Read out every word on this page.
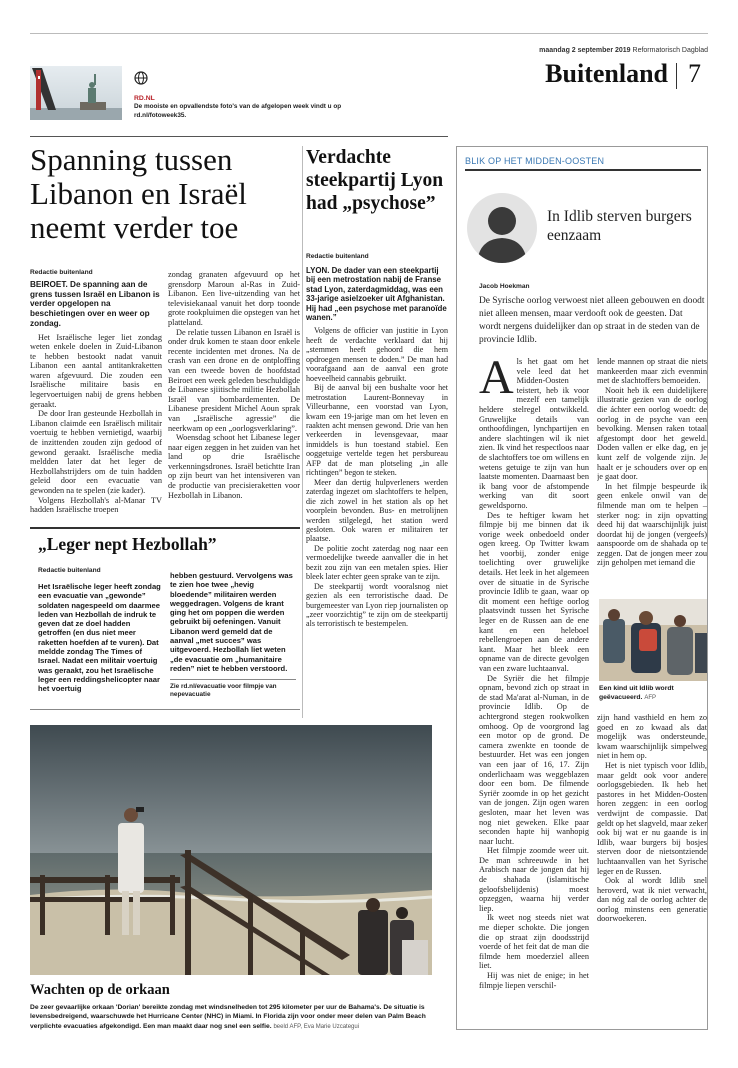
maandag 2 september 2019 Reformatorisch Dagblad
Buitenland 7
RD.NL
De mooiste en opvallendste foto's van de afgelopen week vindt u op rd.nl/fotoweek35.
Spanning tussen Libanon en Israël neemt verder toe
Redactie buitenland
BEIROET. De spanning aan de grens tussen Israël en Libanon is verder opgelopen na beschietingen over en weer op zondag.

Het Israëlische leger liet zondag weten enkele doelen in Zuid-Libanon te hebben bestookt nadat vanuit Libanon een aantal antitankraketten waren afgevuurd. Die zouden een Israëlische militaire basis en legervoertuigen nabij de grens hebben geraakt.

De door Iran gesteunde Hezbollah in Libanon claimde een Israëlisch militair voertuig te hebben vernietigd, waarbij de inzittenden zouden zijn gedood of gewond geraakt. Israëlische media meldden later dat het leger de Hezbollahstrijders om de tuin hadden geleid door een evacuatie van gewonden na te spelen (zie kader).

Volgens Hezbollah's al-Manar TV hadden Israëlische troepen

zondag granaten afgevuurd op het grensdorp Maroun al-Ras in Zuid-Libanon. Een live-uitzending van het televisiekanaal vanuit het dorp toonde grote rookpluimen die opstegen van het platteland.

De relatie tussen Libanon en Israël is onder druk komen te staan door enkele recente incidenten met drones. Na de crash van een drone en de ontploffing van een tweede boven de hoofdstad Beiroet een week geleden beschuldigde de Libanese sjiitische militie Hezbollah Israël van bombardementen. De Libanese president Michel Aoun sprak van „Israëlische agressie” die neerkwam op een „oorlogsverklaring”.

Woensdag schoot het Libanese leger naar eigen zeggen in het zuiden van het land op drie Israëlische verkenningsdrones. Israël betichtte Iran op zijn beurt van het intensiveren van de productie van precisieraketten voor Hezbollah in Libanon.

„Leger nept Hezbollah”
Redactie buitenland
Het Israëlische leger heeft zondag een evacuatie van „gewonde” soldaten nagespeeld om daarmee leden van Hezbollah de indruk te geven dat ze doel hadden getroffen (en dus niet meer raketten hoefden af te vuren). Dat meldde zondag The Times of Israel. Nadat een militair voertuig was geraakt, zou het Israëlische leger een reddingshelicopter naar het voertuig
hebben gestuurd. Vervolgens was te zien hoe twee „hevig bloedende” militairen werden weggedragen. Volgens de krant ging het om poppen die werden gebruikt bij oefeningen. Vanuit Libanon werd gemeld dat de aanval „met succes” was uitgevoerd. Hezbollah liet weten „de evacuatie om „humanitaire reden” niet te hebben verstoord.
Zie rd.nl/evacuatie voor filmpje van nepevacuatie
Verdachte steekpartij Lyon had „psychose”
Redactie buitenland
LYON. De dader van een steekpartij bij een metrostation nabij de Franse stad Lyon, zaterdagmiddag, was een 33-jarige asielzoeker uit Afghanistan. Hij had „een psychose met paranoïde wanen.”

Volgens de officier van justitie in Lyon heeft de verdachte verklaard dat hij „stemmen heeft gehoord die hem opdroegen mensen te doden.” De man had voorafgaand aan de aanval een grote hoeveelheid cannabis gebruikt.

Bij de aanval bij een bushalte voor het metrostation Laurent-Bonnevay in Villeurbanne, een voorstad van Lyon, kwam een 19-jarige man om het leven en raakten acht mensen gewond. Drie van hen verkeerden in levensgevaar, maar inmiddels is hun toestand stabiel. Een ooggetuige vertelde tegen het persbureau AFP dat de man plotseling „in alle richtingen” begon te steken.

Meer dan dertig hulpverleners werden zaterdag ingezet om slachtoffers te helpen, die zich zowel in het station als op het voorplein bevonden. Bus- en metrolijnen werden stilgelegd, het station werd gesloten. Ook waren er militairen ter plaatse.

De politie zocht zaterdag nog naar een vermoedelijke tweede aanvaller die in het bezit zou zijn van een metalen spies. Hier bleek later echter geen sprake van te zijn.

De steekpartij wordt vooralsnog niet gezien als een terroristische daad. De burgemeester van Lyon riep journalisten op „zeer voorzichtig” te zijn om de steekpartij als terroristisch te bestempelen.

BLIK OP HET MIDDEN-OOSTEN
In Idlib sterven burgers eenzaam
Jacob Hoekman
De Syrische oorlog verwoest niet alleen gebouwen en doodt niet alleen mensen, maar verdooft ook de geesten. Dat wordt nergens duidelijker dan op straat in de steden van de provincie Idlib.

Als het gaat om het vele leed dat het Midden-Oosten teistert, heb ik voor mezelf een tamelijk heldere stelregel ontwikkeld. Gruwelijke details van onthoofdingen, lynchpartijen en andere slachtingen wil ik niet zien. Ik vind het respectloos naar de slachtoffers toe om willens en wetens getuige te zijn van hun laatste momenten. Daarnaast ben ik bang voor de afstompende werking van dit soort geweldsporno.

Des te heftiger kwam het filmpje bij me binnen dat ik vorige week onbedoeld onder ogen kreeg. Op Twitter kwam het voorbij, zonder enige toelichting over gruwelijke details. Het leek in het algemeen over de situatie in de Syrische provincie Idlib te gaan, waar op dit moment een heftige oorlog plaatsvindt tussen het Syrische leger en de Russen aan de ene kant en een heleboel rebellengroepen aan de andere kant. Maar het bleek een opname van de directe gevolgen van een zware luchtaanval.

De Syriër die het filmpje opnam, bevond zich op straat in de stad Ma'arat al-Numan, in de provincie Idlib. Op de achtergrond stegen rookwolken omhoog. Op de voorgrond lag een motor op de grond. De camera zwenkte en toonde de bestuurder. Het was een jongen van een jaar of 16, 17. Zijn onderlichaam was weggeblazen door een bom. De filmende Syriër zoomde in op het gezicht van de jongen. Zijn ogen waren gesloten, maar het leven was nog niet geweken. Elke paar seconden hapte hij wanhopig naar lucht.

Het filmpje zoomde weer uit. De man schreeuwde in het Arabisch naar de jongen dat hij de shahada (islamitische geloofsbelijdenis) moest opzeggen, waarna hij verder liep.

Ik weet nog steeds niet wat me dieper schokte. Die jongen die op straat zijn doodsstrijd voerde of het feit dat de man die filmde hem moederziel alleen liet.

Hij was niet de enige; in het filmpje liepen verschil-

lende mannen op straat die niets mankeerden maar zich evenmin met de slachtoffers bemoeiden.

Nooit heb ik een duidelijkere illustratie gezien van de oorlog die áchter een oorlog woedt: de oorlog in de psyche van een bevolking. Mensen raken totaal afgestompt door het geweld. Doden vallen er elke dag, en je kunt zelf de volgende zijn. Je haalt er je schouders over op en je gaat door.

In het filmpje bespeurde ik geen enkele onwil van de filmende man om te helpen – sterker nog: in zijn opvatting deed hij dat waarschijnlijk juist doordat hij de jongen (vergeefs) aanspoorde om de shahada op te zeggen. Dat de jongen meer zou zijn geholpen met iemand die

Een kind uit Idlib wordt geëvacueerd. AFP

zijn hand vasthield en hem zo goed en zo kwaad als dat mogelijk was ondersteunde, kwam waarschijnlijk simpelweg niet in hem op.

Het is niet typisch voor Idlib, maar geldt ook voor andere oorlogsgebieden. Ik heb het pastores in het Midden-Oosten horen zeggen: in een oorlog verdwijnt de compassie. Dat geldt op het slagveld, maar zeker ook bij wat er nu gaande is in Idlib, waar burgers bij bosjes sterven door de nietsontziende luchtaanvallen van het Syrische leger en de Russen.

Ook al wordt Idlib snel heroverd, wat ik niet verwacht, dan nóg zal de oorlog achter de oorlog minstens een generatie doorwoekeren.

Wachten op de orkaan
De zeer gevaarlijke orkaan 'Dorian' bereikte zondag met windsnelheden tot 295 kilometer per uur de Bahama's. De situatie is levensbedreigend, waarschuwde het Hurricane Center (NHC) in Miami. In Florida zijn voor onder meer delen van Palm Beach verplichte evacuaties afgekondigd. Een man maakt daar nog snel een selfie. beeld AFP, Eva Marie Uzcategui
